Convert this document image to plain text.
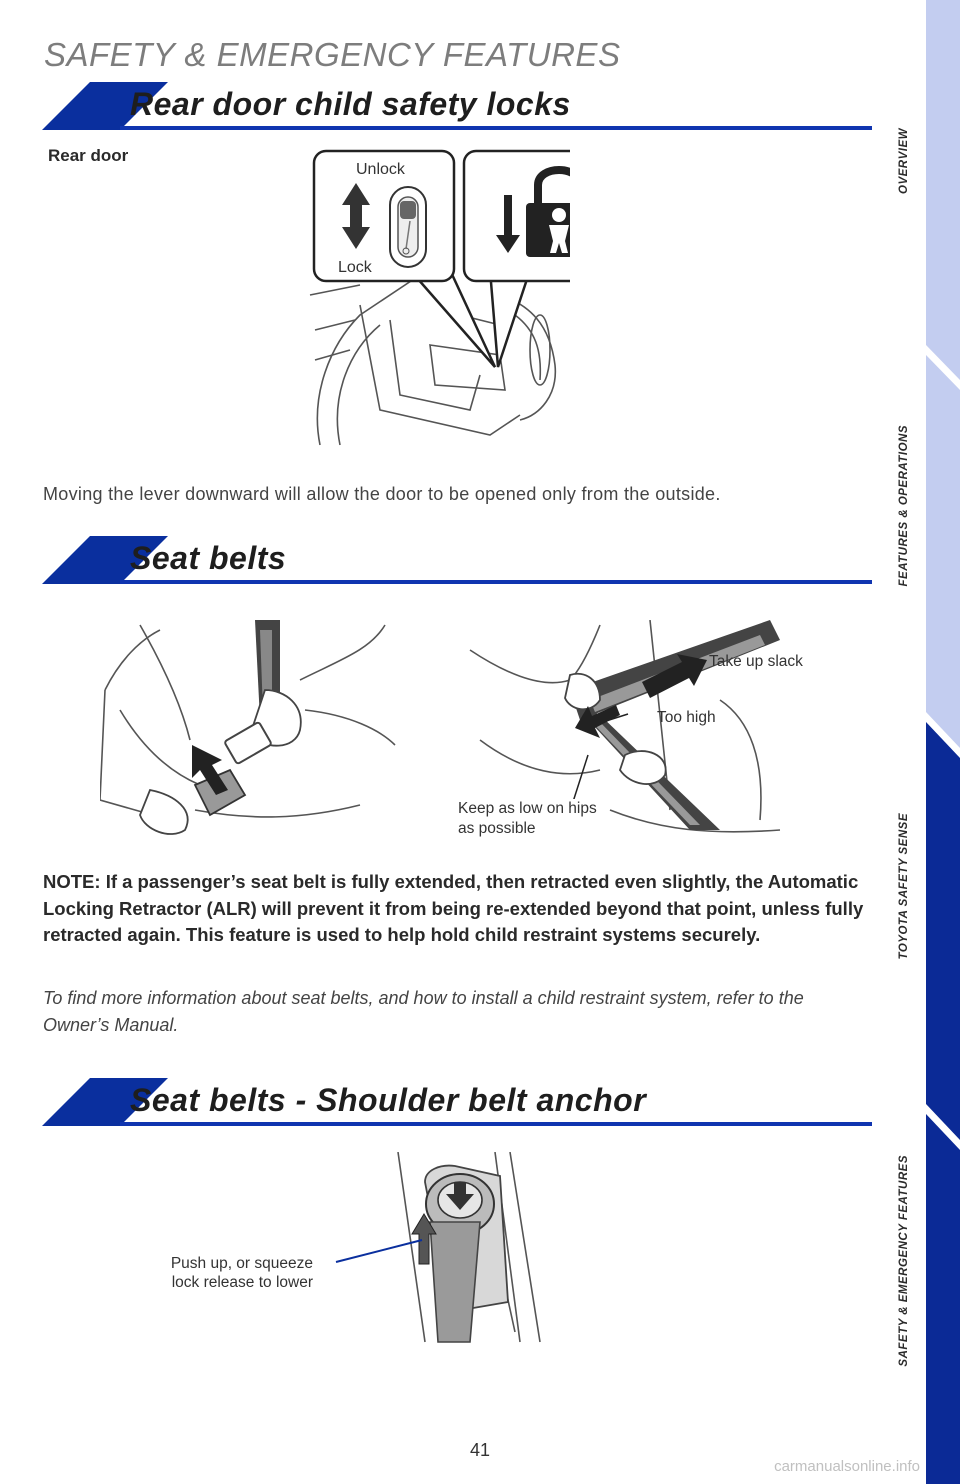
SAFETY & EMERGENCY FEATURES
Rear door child safety locks
Rear door
Unlock
Lock
Moving the lever downward will allow the door to be opened only from the outside.
Seat belts
Take up slack
Too high
Keep as low on hips
as possible
NOTE: If a passenger’s seat belt is fully extended, then retracted even slightly, the Automatic Locking Retractor (ALR) will prevent it from being re-extended beyond that point, unless fully retracted again. This feature is used to help hold child restraint systems securely.
To find more information about seat belts, and how to install a child restraint system, refer to the Owner’s Manual.
Seat belts - Shoulder belt anchor
Push up, or squeeze
lock release to lower
OVERVIEW
FEATURES & OPERATIONS
TOYOTA SAFETY SENSE
SAFETY & EMERGENCY FEATURES
41
carmanualsonline.info
